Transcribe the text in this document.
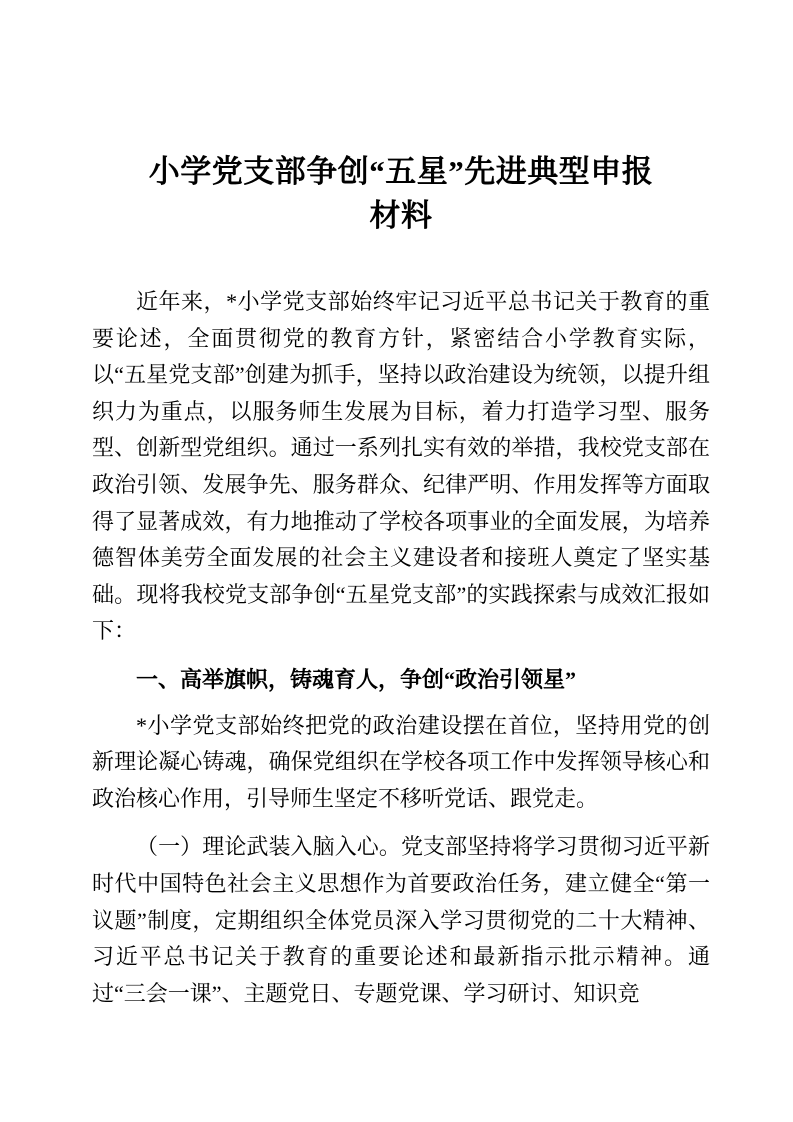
小学党支部争创“五星”先进典型申报材料

近年来，*小学党支部始终牢记习近平总书记关于教育的重要论述，全面贯彻党的教育方针，紧密结合小学教育实际，以“五星党支部”创建为抓手，坚持以政治建设为统领，以提升组织力为重点，以服务师生发展为目标，着力打造学习型、服务型、创新型党组织。通过一系列扎实有效的举措，我校党支部在政治引领、发展争先、服务群众、纪律严明、作用发挥等方面取得了显著成效，有力地推动了学校各项事业的全面发展，为培养德智体美劳全面发展的社会主义建设者和接班人奠定了坚实基础。现将我校党支部争创“五星党支部”的实践探索与成效汇报如下：

一、高举旗帜，铸魂育人，争创“政治引领星”

*小学党支部始终把党的政治建设摆在首位，坚持用党的创新理论凝心铸魂，确保党组织在学校各项工作中发挥领导核心和政治核心作用，引导师生坚定不移听党话、跟党走。

（一）理论武装入脑入心。党支部坚持将学习贯彻习近平新时代中国特色社会主义思想作为首要政治任务，建立健全“第一议题”制度，定期组织全体党员深入学习贯彻党的二十大精神、习近平总书记关于教育的重要论述和最新指示批示精神。通过“三会一课”、主题党日、专题党课、学习研讨、知识竞
